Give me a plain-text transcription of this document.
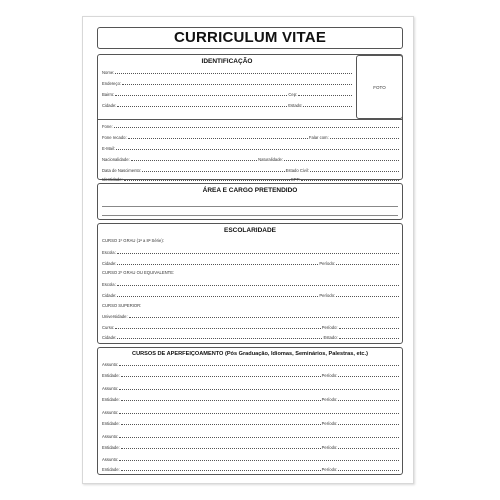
CURRICULUM VITAE
IDENTIFICAÇÃO
FOTO
Nome:
Endereço:
Bairro:	Cep:
Cidade:	Estado:
Fone:
Fone recado:	Falar com:
E-Mail:
Nacionalidade:	Naturalidade:
Data de Nascimento:	Estado Civil:
Identidade:	CPF:
ÁREA E CARGO PRETENDIDO
ESCOLARIDADE
CURSO 1º GRAU (1ª a 8ª Série):
Escola:
Cidade:	Período:
CURSO 2º GRAU OU EQUIVALENTE:
Escola:
Cidade:	Período:
CURSO SUPERIOR:
Universidade:
Curso:	Período:
Cidade:	Estado:
CURSOS DE APERFEIÇOAMENTO (Pós Graduação, Idiomas, Seminários, Palestras, etc.)
Assunto:
Entidade:	Período:
Assunto:
Entidade:	Período:
Assunto:
Entidade:	Período:
Assunto:
Entidade:	Período:
Assunto:
Entidade:	Período:
